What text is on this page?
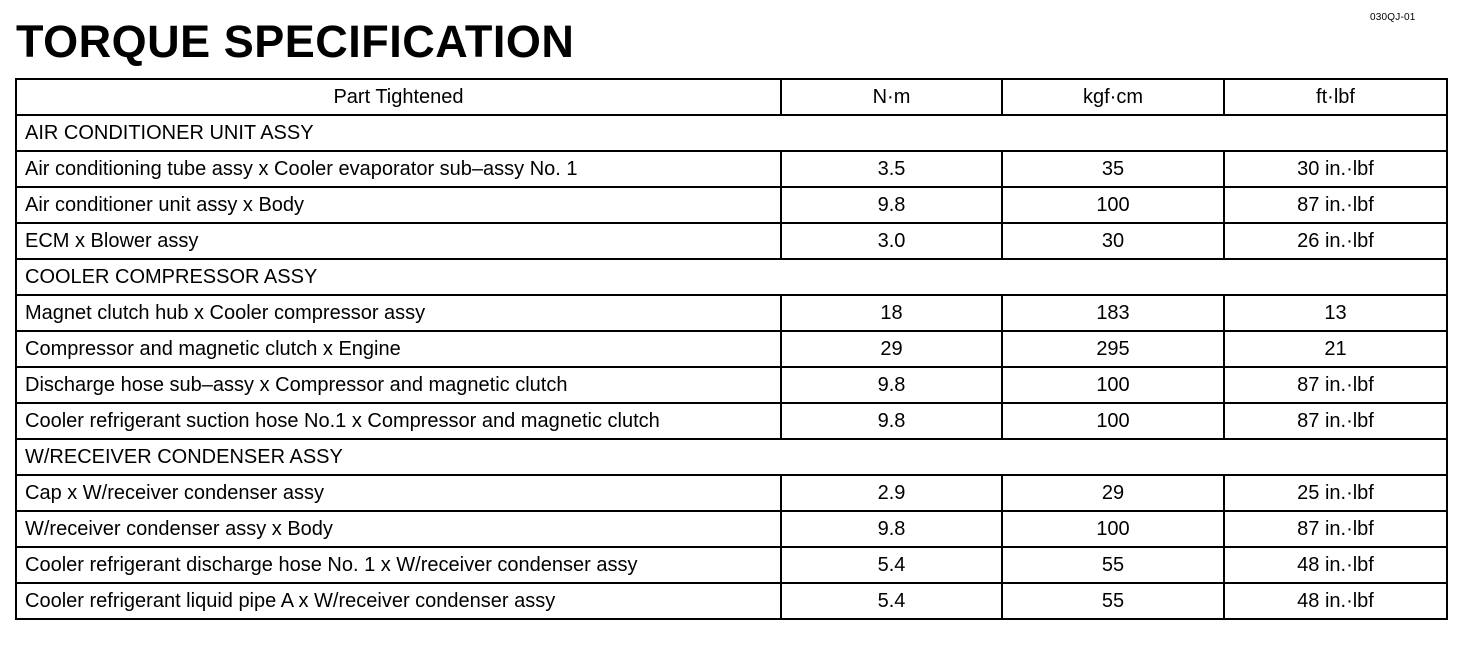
030QJ-01
TORQUE SPECIFICATION
Part Tightened	N·m	kgf·cm	ft·lbf
AIR CONDITIONER UNIT ASSY			
Air conditioning tube assy x Cooler evaporator sub–assy No. 1	3.5	35	30 in.·lbf
Air conditioner unit assy x Body	9.8	100	87 in.·lbf
ECM x Blower assy	3.0	30	26 in.·lbf
COOLER COMPRESSOR ASSY			
Magnet clutch hub x Cooler compressor assy	18	183	13
Compressor and magnetic clutch x Engine	29	295	21
Discharge hose sub–assy x Compressor and magnetic clutch	9.8	100	87 in.·lbf
Cooler refrigerant suction hose No.1 x Compressor and magnetic clutch	9.8	100	87 in.·lbf
W/RECEIVER CONDENSER ASSY			
Cap x W/receiver condenser assy	2.9	29	25 in.·lbf
W/receiver condenser assy x Body	9.8	100	87 in.·lbf
Cooler refrigerant discharge hose No. 1 x W/receiver condenser assy	5.4	55	48 in.·lbf
Cooler refrigerant liquid pipe A x W/receiver condenser assy	5.4	55	48 in.·lbf
